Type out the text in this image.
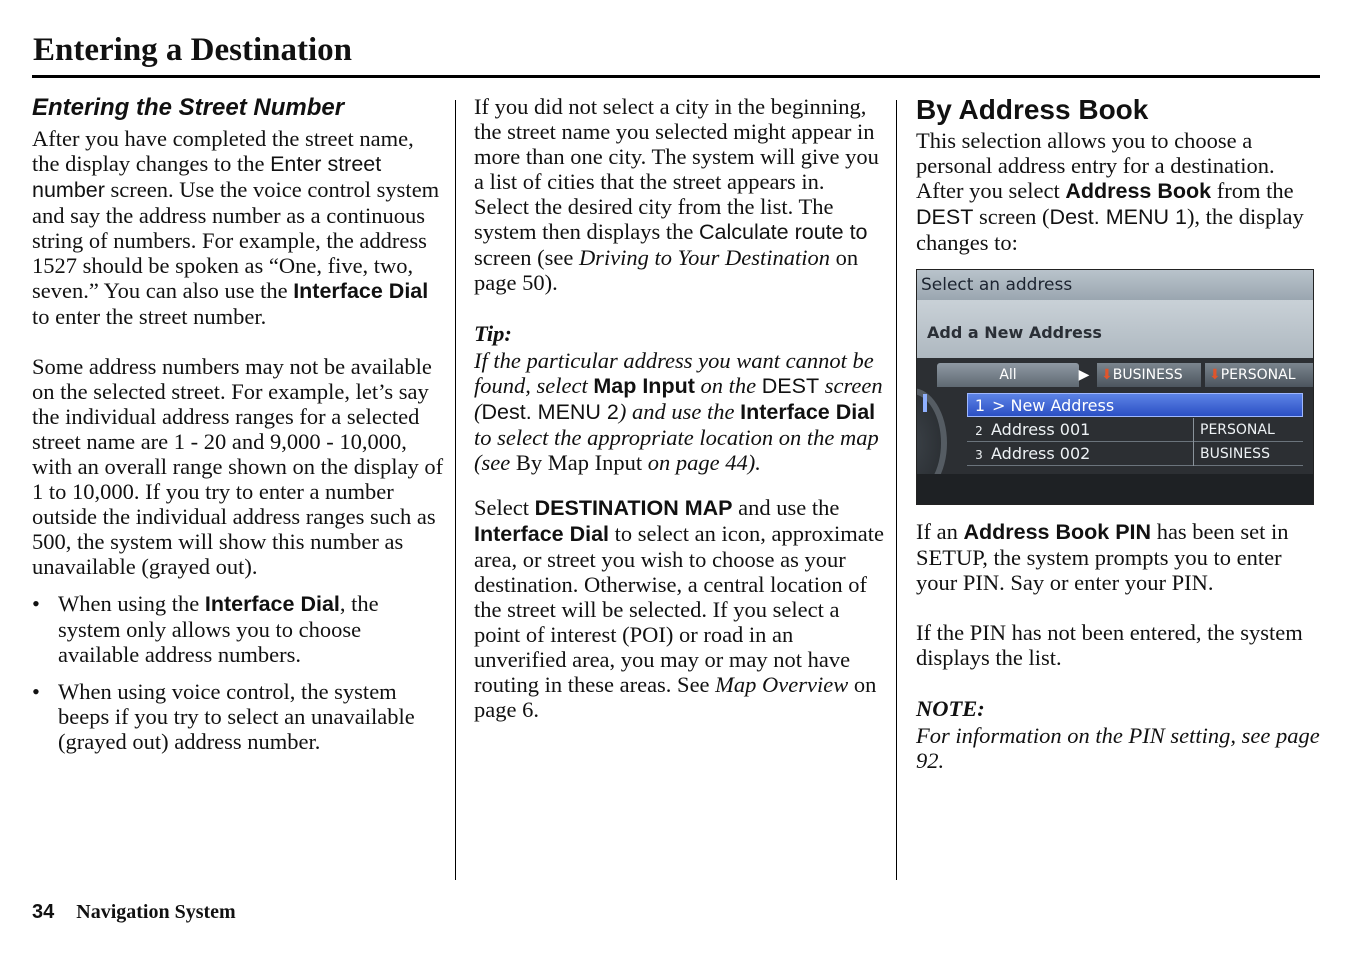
Entering a Destination
Entering the Street Number

After you have completed the street name, the display changes to the Enter street number screen. Use the voice control system and say the address number as a continuous string of numbers. For example, the address 1527 should be spoken as “One, five, two, seven.” You can also use the Interface Dial to enter the street number.

Some address numbers may not be available on the selected street. For example, let’s say the individual address ranges for a selected street name are 1 - 20 and 9,000 - 10,000, with an overall range shown on the display of 1 to 10,000. If you try to enter a number outside the individual address ranges such as 500, the system will show this number as unavailable (grayed out).

• When using the Interface Dial, the system only allows you to choose available address numbers.
• When using voice control, the system beeps if you try to select an unavailable (grayed out) address number.

If you did not select a city in the beginning, the street name you selected might appear in more than one city. The system will give you a list of cities that the street appears in. Select the desired city from the list. The system then displays the Calculate route to screen (see Driving to Your Destination on page 50).

Tip:

If the particular address you want cannot be found, select Map Input on the DEST screen (Dest. MENU 2) and use the Interface Dial to select the appropriate location on the map (see By Map Input on page 44).

Select DESTINATION MAP and use the Interface Dial to select an icon, approximate area, or street you wish to choose as your destination. Otherwise, a central location of the street will be selected. If you select a point of interest (POI) or road in an unverified area, you may or may not have routing in these areas. See Map Overview on page 6.

By Address Book

This selection allows you to choose a personal address entry for a destination. After you select Address Book from the DEST screen (Dest. MENU 1), the display changes to:

Select an address
Add a New Address
All	▶ ⬇BUSINESS	⬇PERSONAL
1 > New Address
2 Address 001	PERSONAL
3 Address 002	BUSINESS

If an Address Book PIN has been set in SETUP, the system prompts you to enter your PIN. Say or enter your PIN.

If the PIN has not been entered, the system displays the list.

NOTE:

For information on the PIN setting, see page 92.

34 Navigation System
